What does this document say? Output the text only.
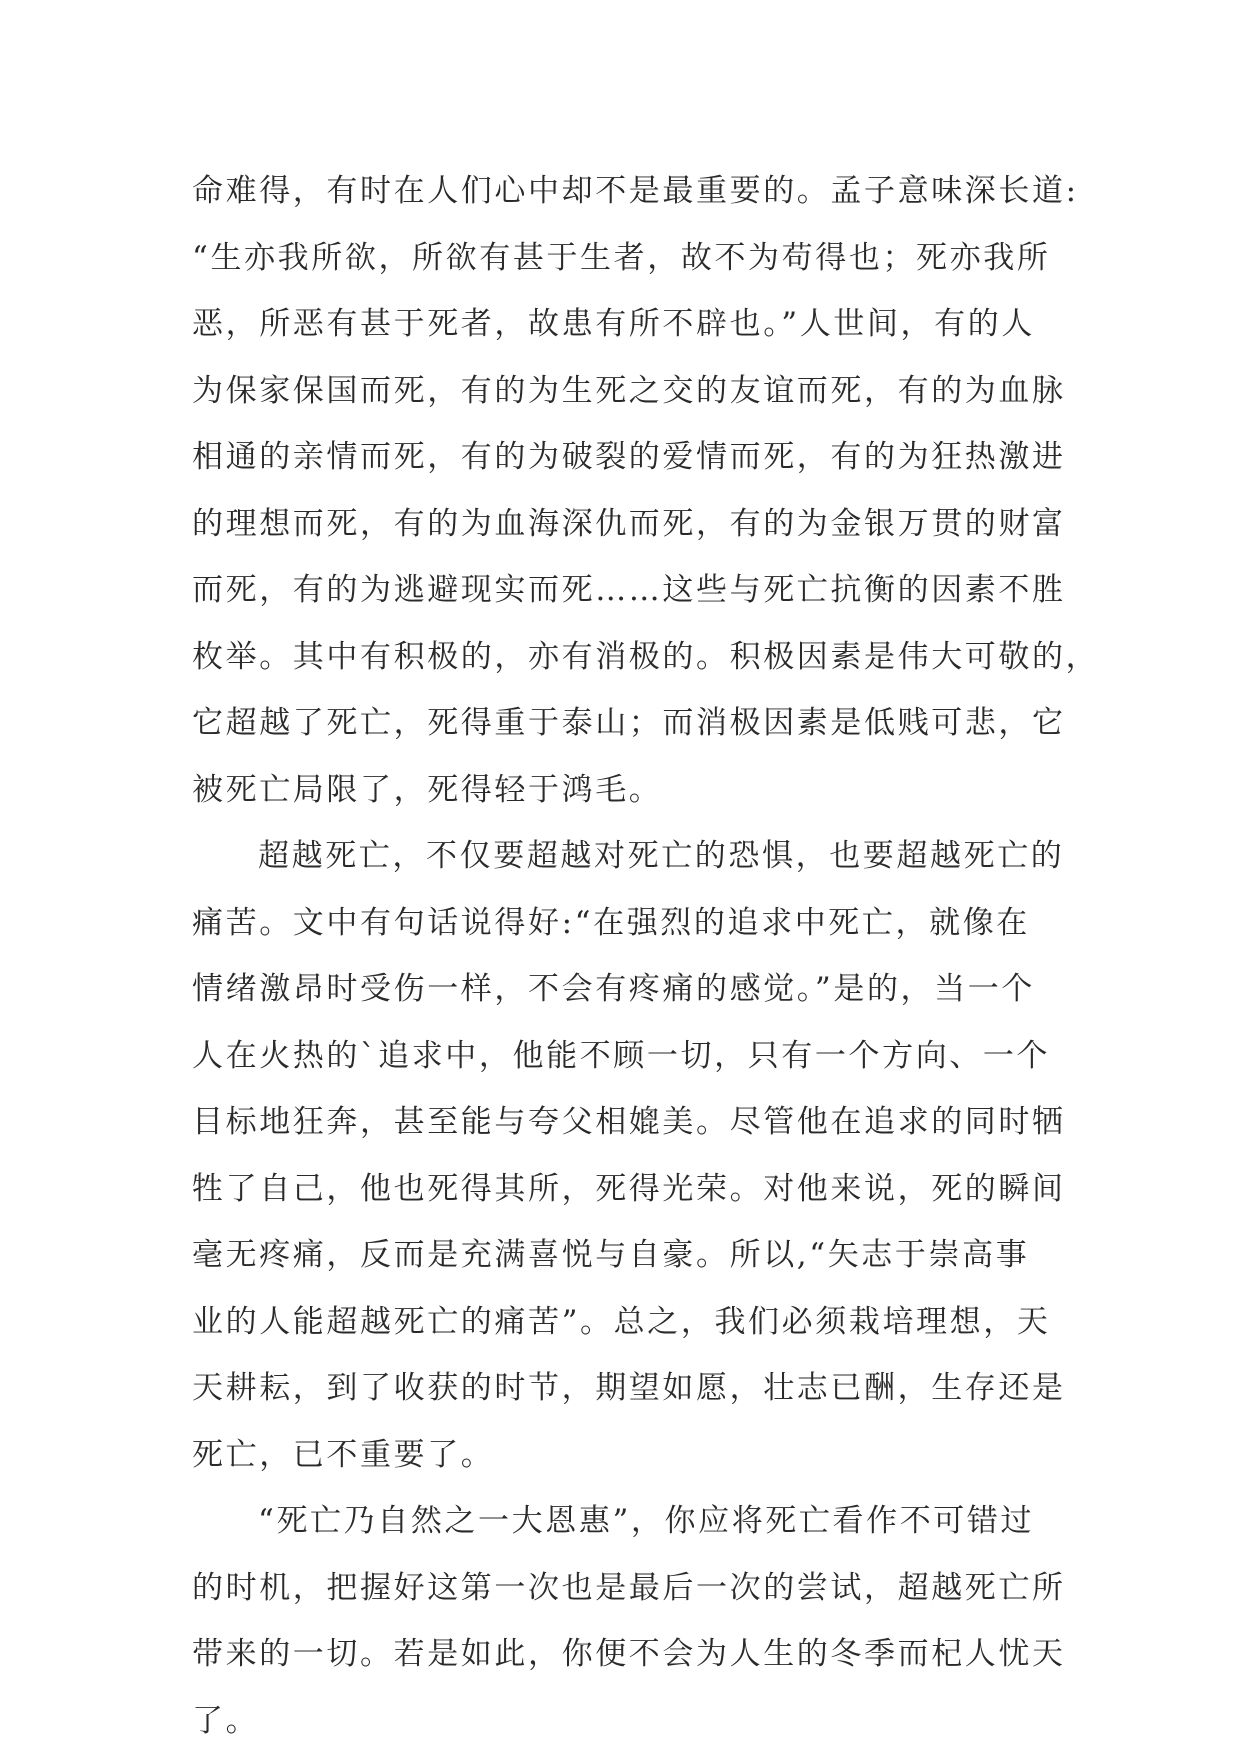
命难得，有时在人们心中却不是最重要的。孟子意味深长道:
“生亦我所欲，所欲有甚于生者，故不为苟得也；死亦我所
恶，所恶有甚于死者，故患有所不辟也。”人世间，有的人
为保家保国而死，有的为生死之交的友谊而死，有的为血脉
相通的亲情而死，有的为破裂的爱情而死，有的为狂热激进
的理想而死，有的为血海深仇而死，有的为金银万贯的财富
而死，有的为逃避现实而死……这些与死亡抗衡的因素不胜
枚举。其中有积极的，亦有消极的。积极因素是伟大可敬的，
它超越了死亡，死得重于泰山；而消极因素是低贱可悲，它
被死亡局限了，死得轻于鸿毛。
超越死亡，不仅要超越对死亡的恐惧，也要超越死亡的
痛苦。文中有句话说得好:“在强烈的追求中死亡，就像在
情绪激昂时受伤一样，不会有疼痛的感觉。”是的，当一个
人在火热的`追求中，他能不顾一切，只有一个方向、一个
目标地狂奔，甚至能与夸父相媲美。尽管他在追求的同时牺
牲了自己，他也死得其所，死得光荣。对他来说，死的瞬间
毫无疼痛，反而是充满喜悦与自豪。所以,“矢志于崇高事
业的人能超越死亡的痛苦”。总之，我们必须栽培理想，天
天耕耘，到了收获的时节，期望如愿，壮志已酬，生存还是
死亡，已不重要了。
“死亡乃自然之一大恩惠”，你应将死亡看作不可错过
的时机，把握好这第一次也是最后一次的尝试，超越死亡所
带来的一切。若是如此，你便不会为人生的冬季而杞人忧天
了。
